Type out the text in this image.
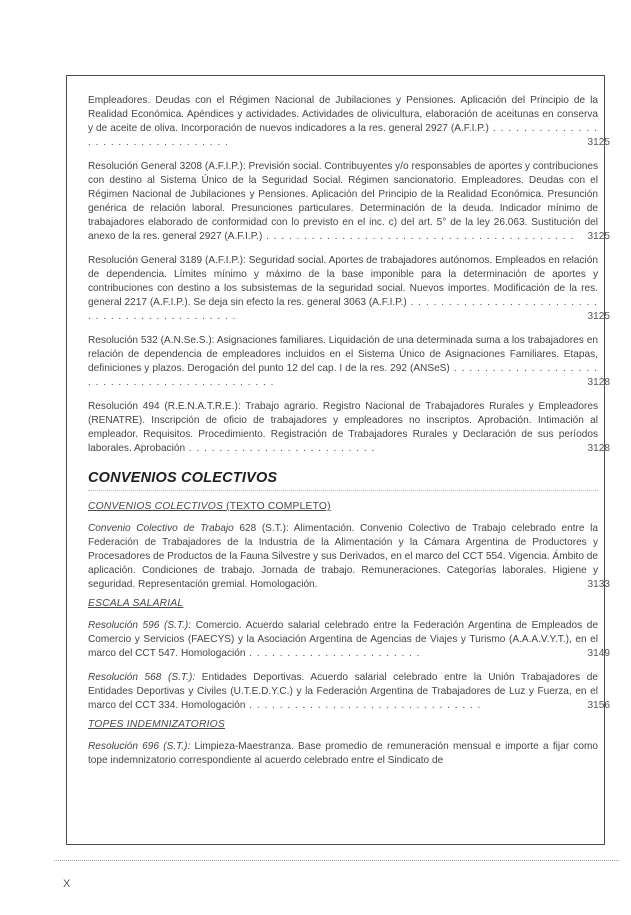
Empleadores. Deudas con el Régimen Nacional de Jubilaciones y Pensiones. Aplicación del Principio de la Realidad Económica. Apéndices y actividades. Actividades de olivicultura, elaboración de aceitunas en conserva y de aceite de oliva. Incorporación de nuevos indicadores a la res. general 2927 (A.F.I.P.) . . . . . . . . . . . . . . . . . . . . . . . . . . . . . . . . .	3125
Resolución General 3208 (A.F.I.P.): Previsión social. Contribuyentes y/o responsables de aportes y contribuciones con destino al Sistema Único de la Seguridad Social. Régimen sancionatorio. Empleadores. Deudas con el Régimen Nacional de Jubilaciones y Pensiones. Aplicación del Principio de la Realidad Económica. Presunción genérica de relación laboral. Presunciones particulares. Determinación de la deuda. Indicador mínimo de trabajadores elaborado de conformidad con lo previsto en el inc. c) del art. 5° de la ley 26.063. Sustitución del anexo de la res. general 2927 (A.F.I.P.) . . . . . . . . . . . . . . . . . . . . . . . . . . . . . . . . . . . . . . . . . 3125
Resolución General 3189 (A.F.I.P.): Seguridad social. Aportes de trabajadores autónomos. Empleados en relación de dependencia. Límites mínimo y máximo de la base imponible para la determinación de aportes y contribuciones con destino a los subsistemas de la seguridad social. Nuevos importes. Modificación de la res. general 2217 (A.F.I.P.). Se deja sin efecto la res. general 3063 (A.F.I.P.) . . . . . . . . . . . . . . . . . . . . . . . . . . . . . . . . . . . . . . . . . . . . .	3125
Resolución 532 (A.N.Se.S.): Asignaciones familiares. Liquidación de una determinada suma a los trabajadores en relación de dependencia de empleadores incluidos en el Sistema Único de Asignaciones Familiares. Etapas, definiciones y plazos. Derogación del punto 12 del cap. I de la res. 292 (ANSeS) . . . . . . . . . . . . . . . . . . . . . . . . . . . . . . . . . . . . . . . . . . . .	3128
Resolución 494 (R.E.N.A.T.R.E.): Trabajo agrario. Registro Nacional de Trabajadores Rurales y Empleadores (RENATRE). Inscripción de oficio de trabajadores y empleadores no inscriptos. Aprobación. Intimación al empleador. Requisitos. Procedimiento. Registración de Trabajadores Rurales y Declaración de sus períodos laborales. Aprobación . . . . . . . . . . . . . . . . . . . . . . . . .	3128
CONVENIOS COLECTIVOS
CONVENIOS COLECTIVOS (TEXTO COMPLETO)
Convenio Colectivo de Trabajo 628 (S.T.): Alimentación. Convenio Colectivo de Trabajo celebrado entre la Federación de Trabajadores de la Industria de la Alimentación y la Cámara Argentina de Productores y Procesadores de Productos de la Fauna Silvestre y sus Derivados, en el marco del CCT 554. Vigencia. Ámbito de aplicación. Condiciones de trabajo. Jornada de trabajo. Remuneraciones. Categorías laborales. Higiene y seguridad. Representación gremial. Homologación.	3133
ESCALA SALARIAL
Resolución 596 (S.T.): Comercio. Acuerdo salarial celebrado entre la Federación Argentina de Empleados de Comercio y Servicios (FAECYS) y la Asociación Argentina de Agencias de Viajes y Turismo (A.A.A.V.Y.T.), en el marco del CCT 547. Homologación . . . . . . . . . . . . . . . . . . . . . . .	3149
Resolución 568 (S.T.): Entidades Deportivas. Acuerdo salarial celebrado entre la Unión Trabajadores de Entidades Deportivas y Civiles (U.T.E.D.Y.C.) y la Federación Argentina de Trabajadores de Luz y Fuerza, en el marco del CCT 334. Homologación . . . . . . . . . . . . . . . . . . . . . . . . . . . . . . .	3156
TOPES INDEMNIZATORIOS
Resolución 696 (S.T.): Limpieza-Maestranza. Base promedio de remuneración mensual e importe a fijar como tope indemnizatorio correspondiente al acuerdo celebrado entre el Sindicato de
X
